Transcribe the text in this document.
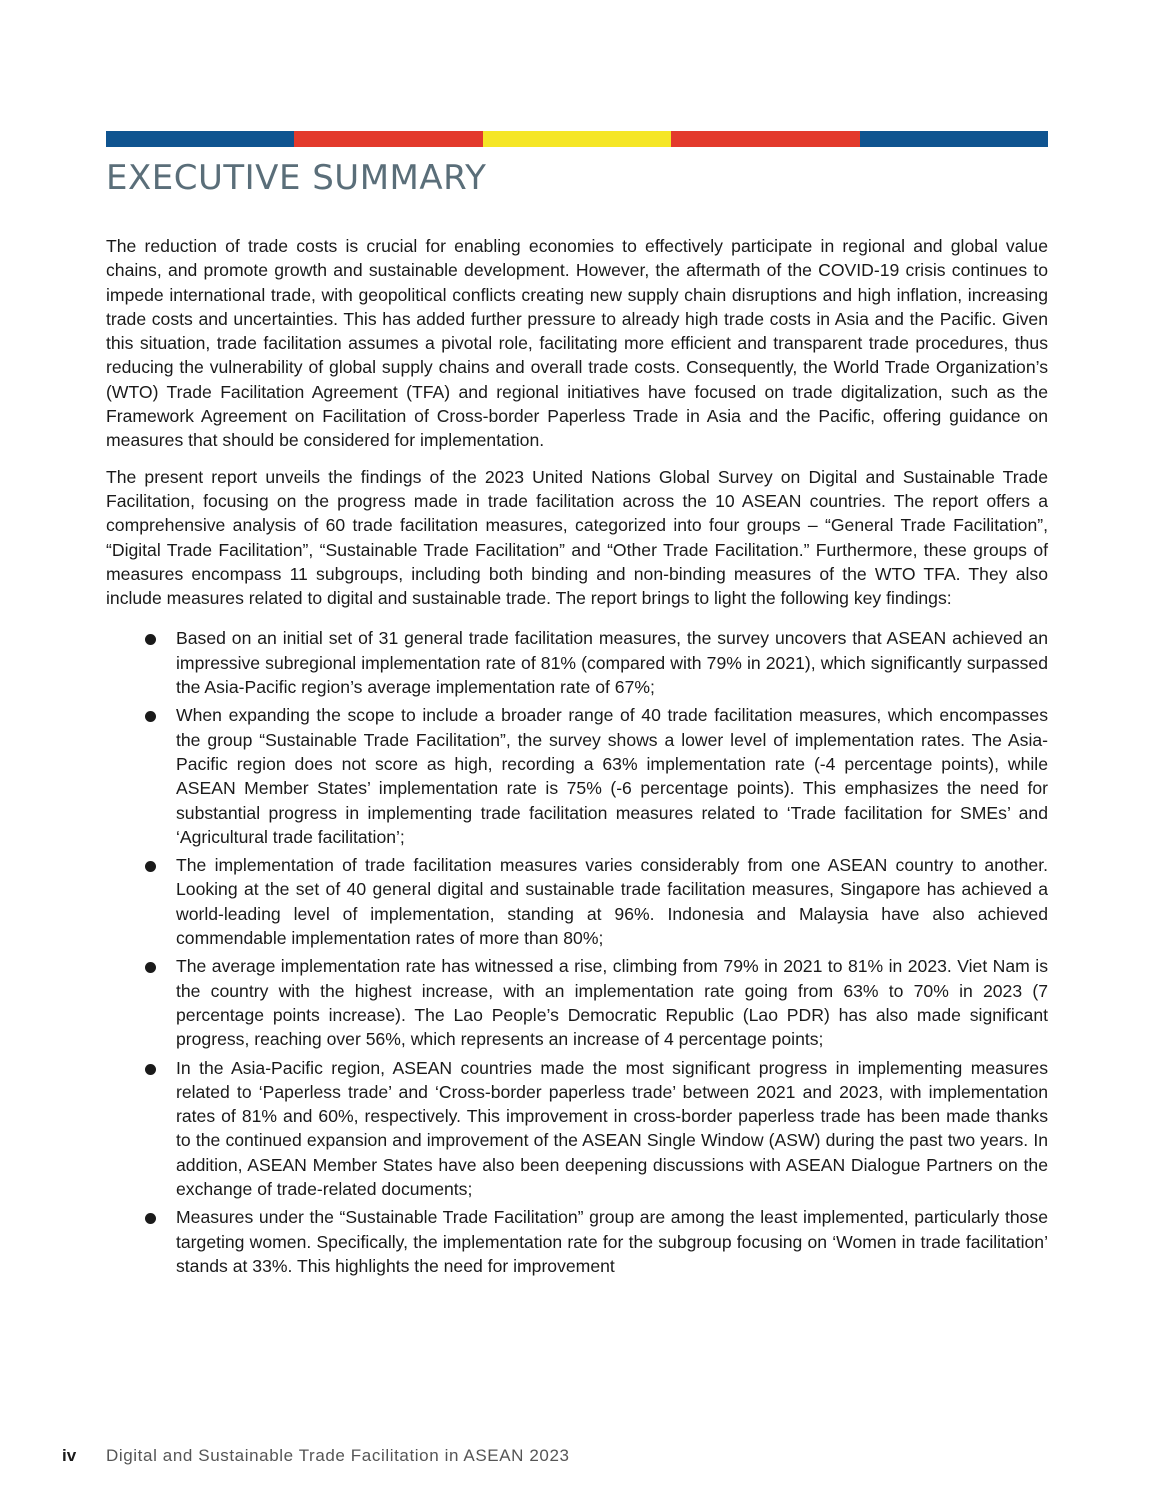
EXECUTIVE SUMMARY

The reduction of trade costs is crucial for enabling economies to effectively participate in regional and global value chains, and promote growth and sustainable development. However, the aftermath of the COVID-19 crisis continues to impede international trade, with geopolitical conflicts creating new supply chain disruptions and high inflation, increasing trade costs and uncertainties. This has added further pressure to already high trade costs in Asia and the Pacific. Given this situation, trade facilitation assumes a pivotal role, facilitating more efficient and transparent trade procedures, thus reducing the vulnerability of global supply chains and overall trade costs. Consequently, the World Trade Organization’s (WTO) Trade Facilitation Agreement (TFA) and regional initiatives have focused on trade digitalization, such as the Framework Agreement on Facilitation of Cross-border Paperless Trade in Asia and the Pacific, offering guidance on measures that should be considered for implementation.

The present report unveils the findings of the 2023 United Nations Global Survey on Digital and Sustainable Trade Facilitation, focusing on the progress made in trade facilitation across the 10 ASEAN countries. The report offers a comprehensive analysis of 60 trade facilitation measures, categorized into four groups – “General Trade Facilitation”, “Digital Trade Facilitation”, “Sustainable Trade Facilitation” and “Other Trade Facilitation.” Furthermore, these groups of measures encompass 11 subgroups, including both binding and non-binding measures of the WTO TFA. They also include measures related to digital and sustainable trade. The report brings to light the following key findings:

Based on an initial set of 31 general trade facilitation measures, the survey uncovers that ASEAN achieved an impressive subregional implementation rate of 81% (compared with 79% in 2021), which significantly surpassed the Asia-Pacific region’s average implementation rate of 67%;
When expanding the scope to include a broader range of 40 trade facilitation measures, which encompasses the group “Sustainable Trade Facilitation”, the survey shows a lower level of implementation rates. The Asia-Pacific region does not score as high, recording a 63% implementation rate (-4 percentage points), while ASEAN Member States’ implementation rate is 75% (-6 percentage points). This emphasizes the need for substantial progress in implementing trade facilitation measures related to ‘Trade facilitation for SMEs’ and ‘Agricultural trade facilitation’;
The implementation of trade facilitation measures varies considerably from one ASEAN country to another. Looking at the set of 40 general digital and sustainable trade facilitation measures, Singapore has achieved a world-leading level of implementation, standing at 96%. Indonesia and Malaysia have also achieved commendable implementation rates of more than 80%;
The average implementation rate has witnessed a rise, climbing from 79% in 2021 to 81% in 2023. Viet Nam is the country with the highest increase, with an implementation rate going from 63% to 70% in 2023 (7 percentage points increase). The Lao People’s Democratic Republic (Lao PDR) has also made significant progress, reaching over 56%, which represents an increase of 4 percentage points;
In the Asia-Pacific region, ASEAN countries made the most significant progress in implementing measures related to ‘Paperless trade’ and ‘Cross-border paperless trade’ between 2021 and 2023, with implementation rates of 81% and 60%, respectively. This improvement in cross-border paperless trade has been made thanks to the continued expansion and improvement of the ASEAN Single Window (ASW) during the past two years. In addition, ASEAN Member States have also been deepening discussions with ASEAN Dialogue Partners on the exchange of trade-related documents;
Measures under the “Sustainable Trade Facilitation” group are among the least implemented, particularly those targeting women. Specifically, the implementation rate for the subgroup focusing on ‘Women in trade facilitation’ stands at 33%. This highlights the need for improvement
iv Digital and Sustainable Trade Facilitation in ASEAN 2023
